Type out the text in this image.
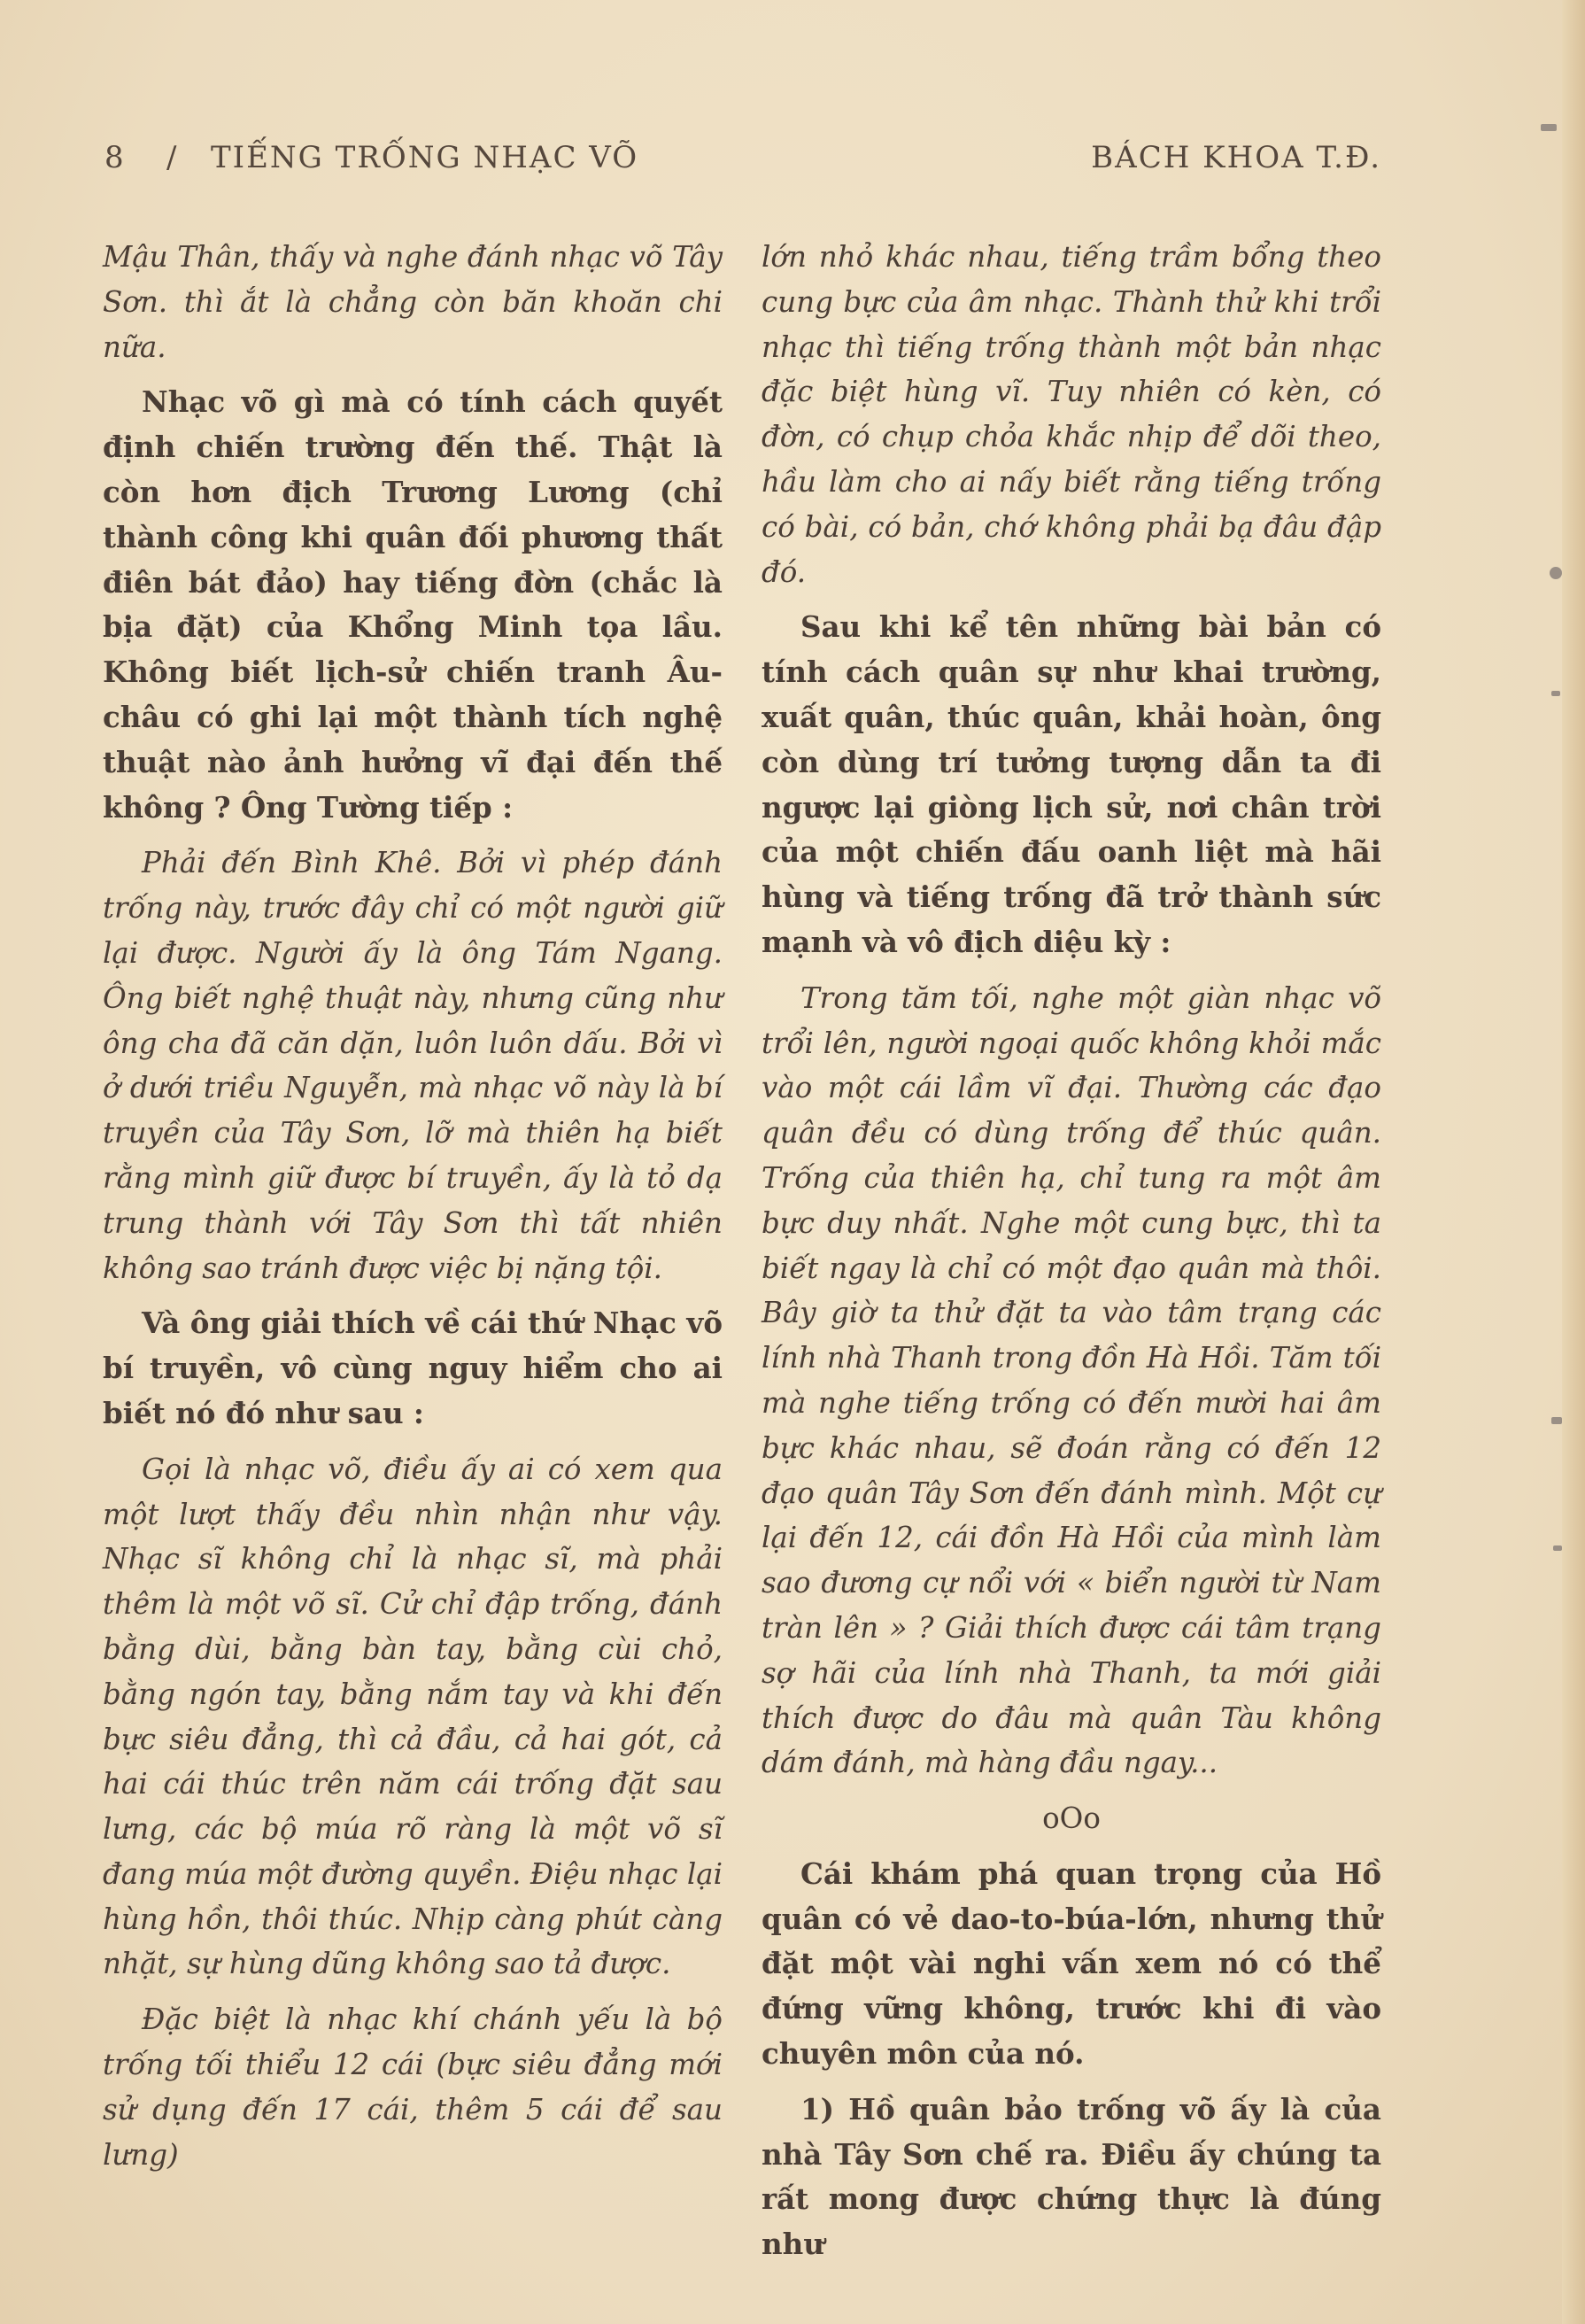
8 / TIẾNG TRỐNG NHẠC VÕ	BÁCH KHOA T.Đ.

Mậu Thân, thấy và nghe đánh nhạc võ Tây Sơn. thì ắt là chẳng còn băn khoăn chi nữa.

Nhạc võ gì mà có tính cách quyết định chiến trường đến thế. Thật là còn hơn địch Trương Lương (chỉ thành công khi quân đối phương thất điên bát đảo) hay tiếng đờn (chắc là bịa đặt) của Khổng Minh tọa lầu. Không biết lịch-sử chiến tranh Âu-châu có ghi lại một thành tích nghệ thuật nào ảnh hưởng vĩ đại đến thế không ? Ông Tường tiếp :

Phải đến Bình Khê. Bởi vì phép đánh trống này, trước đây chỉ có một người giữ lại được. Người ấy là ông Tám Ngang. Ông biết nghệ thuật này, nhưng cũng như ông cha đã căn dặn, luôn luôn dấu. Bởi vì ở dưới triều Nguyễn, mà nhạc võ này là bí truyền của Tây Sơn, lỡ mà thiên hạ biết rằng mình giữ được bí truyền, ấy là tỏ dạ trung thành với Tây Sơn thì tất nhiên không sao tránh được việc bị nặng tội.

Và ông giải thích về cái thứ Nhạc võ bí truyền, vô cùng nguy hiểm cho ai biết nó đó như sau :

Gọi là nhạc võ, điều ấy ai có xem qua một lượt thấy đều nhìn nhận như vậy. Nhạc sĩ không chỉ là nhạc sĩ, mà phải thêm là một võ sĩ. Cử chỉ đập trống, đánh bằng dùi, bằng bàn tay, bằng cùi chỏ, bằng ngón tay, bằng nắm tay và khi đến bực siêu đẳng, thì cả đầu, cả hai gót, cả hai cái thúc trên năm cái trống đặt sau lưng, các bộ múa rõ ràng là một võ sĩ đang múa một đường quyền. Điệu nhạc lại hùng hồn, thôi thúc. Nhịp càng phút càng nhặt, sự hùng dũng không sao tả được.

Đặc biệt là nhạc khí chánh yếu là bộ trống tối thiểu 12 cái (bực siêu đẳng mới sử dụng đến 17 cái, thêm 5 cái để sau lưng)

lớn nhỏ khác nhau, tiếng trầm bổng theo cung bực của âm nhạc. Thành thử khi trổi nhạc thì tiếng trống thành một bản nhạc đặc biệt hùng vĩ. Tuy nhiên có kèn, có đờn, có chụp chỏa khắc nhịp để dõi theo, hầu làm cho ai nấy biết rằng tiếng trống có bài, có bản, chớ không phải bạ đâu đập đó.

Sau khi kể tên những bài bản có tính cách quân sự như khai trường, xuất quân, thúc quân, khải hoàn, ông còn dùng trí tưởng tượng dẫn ta đi ngược lại giòng lịch sử, nơi chân trời của một chiến đấu oanh liệt mà hãi hùng và tiếng trống đã trở thành sức mạnh và vô địch diệu kỳ :

Trong tăm tối, nghe một giàn nhạc võ trổi lên, người ngoại quốc không khỏi mắc vào một cái lầm vĩ đại. Thường các đạo quân đều có dùng trống để thúc quân. Trống của thiên hạ, chỉ tung ra một âm bực duy nhất. Nghe một cung bực, thì ta biết ngay là chỉ có một đạo quân mà thôi. Bây giờ ta thử đặt ta vào tâm trạng các lính nhà Thanh trong đồn Hà Hồi. Tăm tối mà nghe tiếng trống có đến mười hai âm bực khác nhau, sẽ đoán rằng có đến 12 đạo quân Tây Sơn đến đánh mình. Một cự lại đến 12, cái đồn Hà Hồi của mình làm sao đương cự nổi với « biển người từ Nam tràn lên » ? Giải thích được cái tâm trạng sợ hãi của lính nhà Thanh, ta mới giải thích được do đâu mà quân Tàu không dám đánh, mà hàng đầu ngay...

oOo

Cái khám phá quan trọng của Hồ quân có vẻ dao-to-búa-lớn, nhưng thử đặt một vài nghi vấn xem nó có thể đứng vững không, trước khi đi vào chuyên môn của nó.

1) Hồ quân bảo trống võ ấy là của nhà Tây Sơn chế ra. Điều ấy chúng ta rất mong được chứng thực là đúng như
